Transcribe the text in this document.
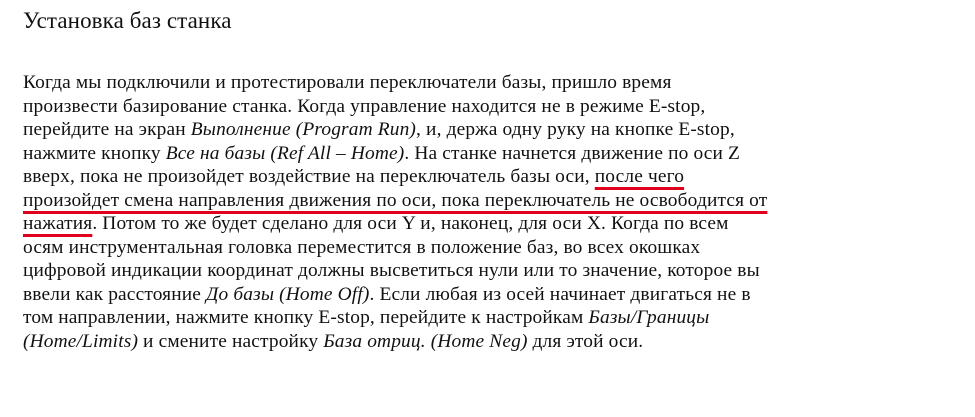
Установка баз станка
Когда мы подключили и протестировали переключатели базы, пришло время
произвести базирование станка. Когда управление находится не в режиме E-stop,
перейдите на экран Выполнение (Program Run), и, держа одну руку на кнопке E-stop,
нажмите кнопку Все на базы (Ref All – Home). На станке начнется движение по оси Z
вверх, пока не произойдет воздействие на переключатель базы оси, после чего
произойдет смена направления движения по оси, пока переключатель не освободится от
нажатия. Потом то же будет сделано для оси Y и, наконец, для оси X. Когда по всем
осям инструментальная головка переместится в положение баз, во всех окошках
цифровой индикации координат должны высветиться нули или то значение, которое вы
ввели как расстояние До базы (Home Off). Если любая из осей начинает двигаться не в
том направлении, нажмите кнопку E-stop, перейдите к настройкам Базы/Границы
(Home/Limits) и смените настройку База отриц. (Home Neg) для этой оси.
